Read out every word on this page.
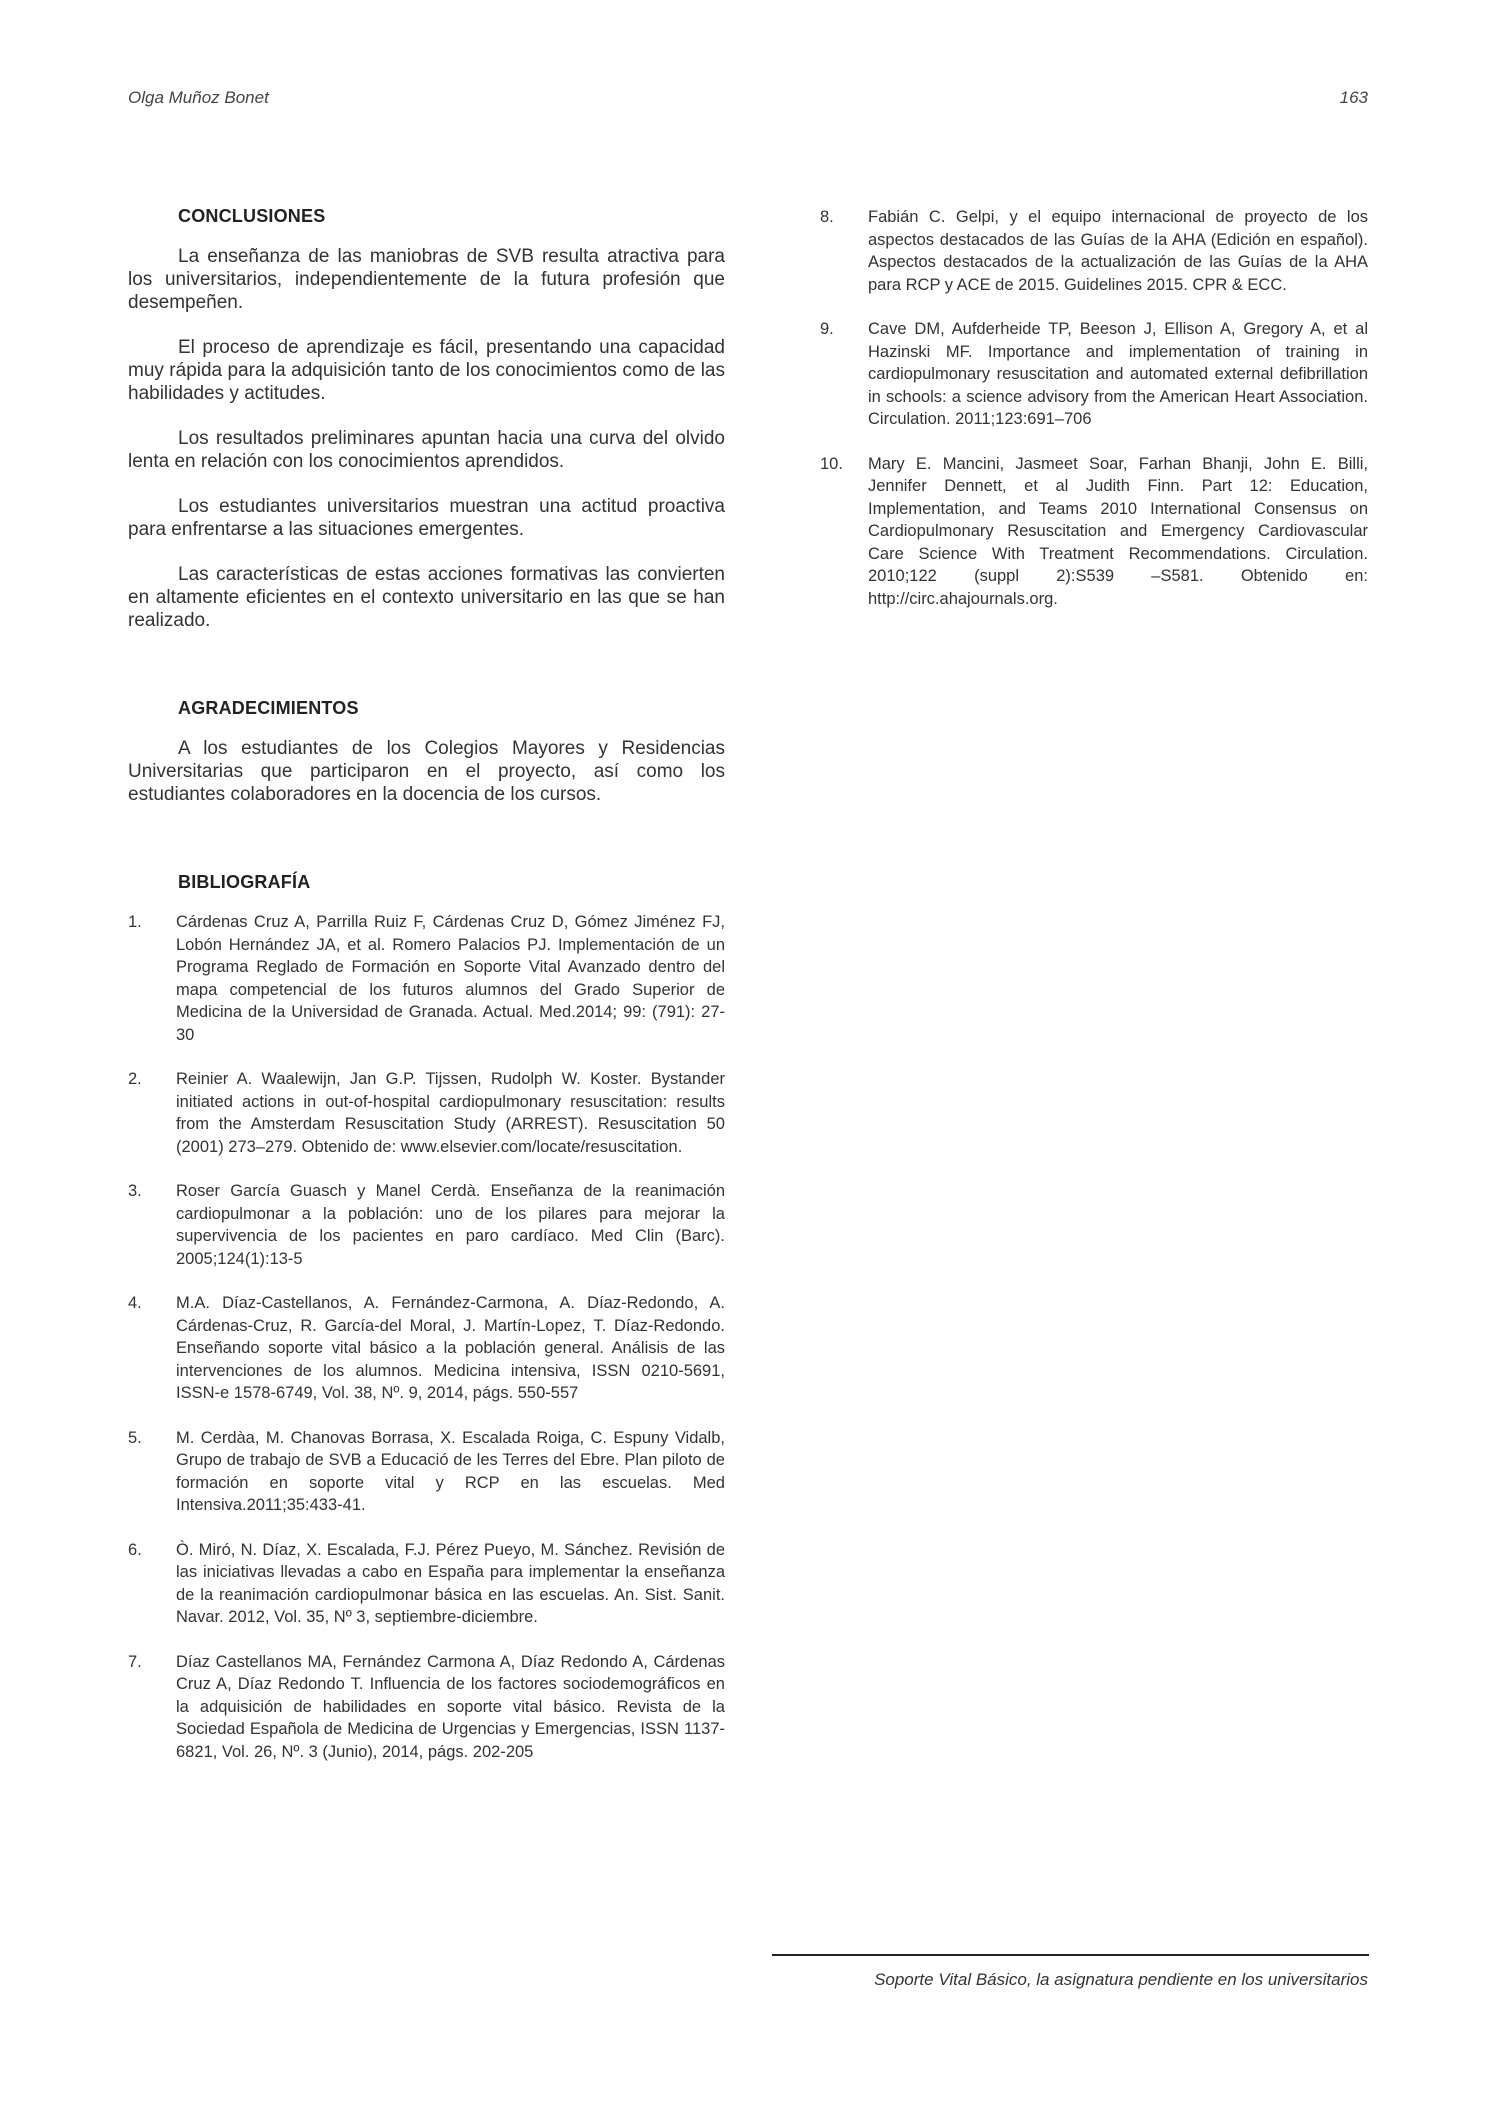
Olga Muñoz Bonet	163
CONCLUSIONES

La enseñanza de las maniobras de SVB resulta atractiva para los universitarios, independientemente de la futura profesión que desempeñen.

El proceso de aprendizaje es fácil, presentando una capacidad muy rápida para la adquisición tanto de los conocimientos como de las habilidades y actitudes.

Los resultados preliminares apuntan hacia una curva del olvido lenta en relación con los conocimientos aprendidos.

Los estudiantes universitarios muestran una actitud proactiva para enfrentarse a las situaciones emergentes.

Las características de estas acciones formativas las convierten en altamente eficientes en el contexto universitario en las que se han realizado.

AGRADECIMIENTOS

A los estudiantes de los Colegios Mayores y Residencias Universitarias que participaron en el proyecto, así como los estudiantes colaboradores en la docencia de los cursos.

BIBLIOGRAFÍA
1. Cárdenas Cruz A, Parrilla Ruiz F, Cárdenas Cruz D, Gómez Jiménez FJ, Lobón Hernández JA, et al. Romero Palacios PJ. Implementación de un Programa Reglado de Formación en Soporte Vital Avanzado dentro del mapa competencial de los futuros alumnos del Grado Superior de Medicina de la Universidad de Granada. Actual. Med.2014; 99: (791): 27-30
2. Reinier A. Waalewijn, Jan G.P. Tijssen, Rudolph W. Koster. Bystander initiated actions in out-of-hospital cardiopulmonary resuscitation: results from the Amsterdam Resuscitation Study (ARREST). Resuscitation 50 (2001) 273–279. Obtenido de: www.elsevier.com/locate/resuscitation.
3. Roser García Guasch y Manel Cerdà. Enseñanza de la reanimación cardiopulmonar a la población: uno de los pilares para mejorar la supervivencia de los pacientes en paro cardíaco. Med Clin (Barc). 2005;124(1):13-5
4. M.A. Díaz-Castellanos, A. Fernández-Carmona, A. Díaz-Redondo, A. Cárdenas-Cruz, R. García-del Moral, J. Martín-Lopez, T. Díaz-Redondo. Enseñando soporte vital básico a la población general. Análisis de las intervenciones de los alumnos. Medicina intensiva, ISSN 0210-5691, ISSN-e 1578-6749, Vol. 38, Nº. 9, 2014, págs. 550-557
5. M. Cerdàa, M. Chanovas Borrasa, X. Escalada Roiga, C. Espuny Vidalb, Grupo de trabajo de SVB a Educació de les Terres del Ebre. Plan piloto de formación en soporte vital y RCP en las escuelas. Med Intensiva.2011;35:433-41.
6. Ò. Miró, N. Díaz, X. Escalada, F.J. Pérez Pueyo, M. Sánchez. Revisión de las iniciativas llevadas a cabo en España para implementar la enseñanza de la reanimación cardiopulmonar básica en las escuelas. An. Sist. Sanit. Navar. 2012, Vol. 35, Nº 3, septiembre-diciembre.
7. Díaz Castellanos MA, Fernández Carmona A, Díaz Redondo A, Cárdenas Cruz A, Díaz Redondo T. Influencia de los factores sociodemográficos en la adquisición de habilidades en soporte vital básico. Revista de la Sociedad Española de Medicina de Urgencias y Emergencias, ISSN 1137-6821, Vol. 26, Nº. 3 (Junio), 2014, págs. 202-205
8. Fabián C. Gelpi, y el equipo internacional de proyecto de los aspectos destacados de las Guías de la AHA (Edición en español). Aspectos destacados de la actualización de las Guías de la AHA para RCP y ACE de 2015. Guidelines 2015. CPR & ECC.
9. Cave DM, Aufderheide TP, Beeson J, Ellison A, Gregory A, et al Hazinski MF. Importance and implementation of training in cardiopulmonary resuscitation and automated external defibrillation in schools: a science advisory from the American Heart Association. Circulation. 2011;123:691–706
10. Mary E. Mancini, Jasmeet Soar, Farhan Bhanji, John E. Billi, Jennifer Dennett, et al Judith Finn. Part 12: Education, Implementation, and Teams 2010 International Consensus on Cardiopulmonary Resuscitation and Emergency Cardiovascular Care Science With Treatment Recommendations. Circulation. 2010;122 (suppl 2):S539 –S581. Obtenido en: http://circ.ahajournals.org.
Soporte Vital Básico, la asignatura pendiente en los universitarios
